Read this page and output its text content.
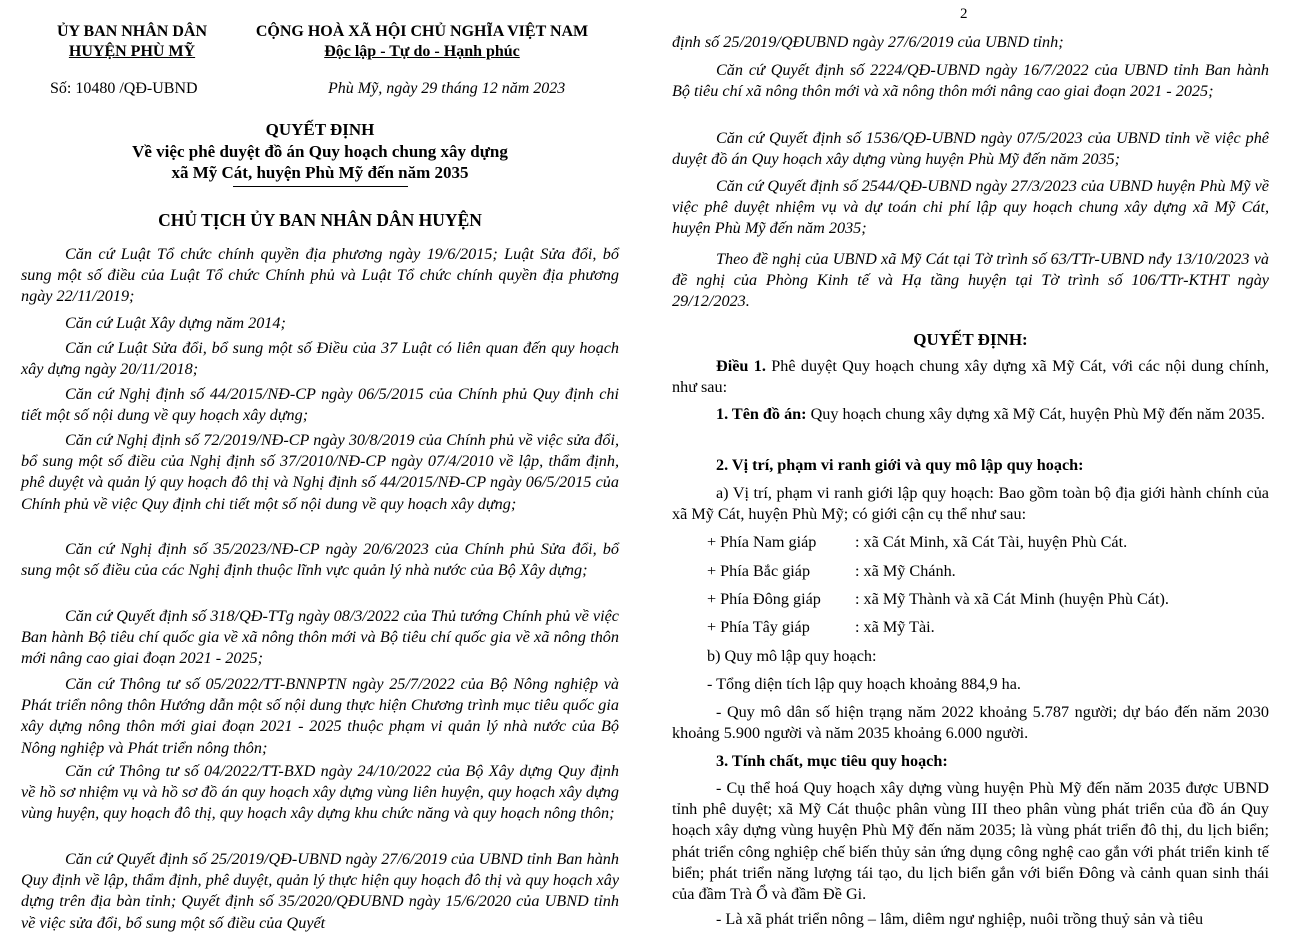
ỦY BAN NHÂN DÂN
HUYỆN PHÙ MỸ
CỘNG HOÀ XÃ HỘI CHỦ NGHĨA VIỆT NAM
Độc lập - Tự do - Hạnh phúc
Số: 10480 /QĐ-UBND	Phù Mỹ, ngày 29 tháng 12 năm 2023
QUYẾT ĐỊNH
Về việc phê duyệt đồ án Quy hoạch chung xây dựng
xã Mỹ Cát, huyện Phù Mỹ đến năm 2035
CHỦ TỊCH ỦY BAN NHÂN DÂN HUYỆN
Căn cứ Luật Tổ chức chính quyền địa phương ngày 19/6/2015; Luật Sửa đổi, bổ sung một số điều của Luật Tổ chức Chính phủ và Luật Tổ chức chính quyền địa phương ngày 22/11/2019;
Căn cứ Luật Xây dựng năm 2014;
Căn cứ Luật Sửa đổi, bổ sung một số Điều của 37 Luật có liên quan đến quy hoạch xây dựng ngày 20/11/2018;
Căn cứ Nghị định số 44/2015/NĐ-CP ngày 06/5/2015 của Chính phủ Quy định chi tiết một số nội dung về quy hoạch xây dựng;
Căn cứ Nghị định số 72/2019/NĐ-CP ngày 30/8/2019 của Chính phủ về việc sửa đổi, bổ sung một số điều của Nghị định số 37/2010/NĐ-CP ngày 07/4/2010 về lập, thẩm định, phê duyệt và quản lý quy hoạch đô thị và Nghị định số 44/2015/NĐ-CP ngày 06/5/2015 của Chính phủ về việc Quy định chi tiết một số nội dung về quy hoạch xây dựng;
Căn cứ Nghị định số 35/2023/NĐ-CP ngày 20/6/2023 của Chính phủ Sửa đổi, bổ sung một số điều của các Nghị định thuộc lĩnh vực quản lý nhà nước của Bộ Xây dựng;
Căn cứ Quyết định số 318/QĐ-TTg ngày 08/3/2022 của Thủ tướng Chính phủ về việc Ban hành Bộ tiêu chí quốc gia về xã nông thôn mới và Bộ tiêu chí quốc gia về xã nông thôn mới nâng cao giai đoạn 2021 - 2025;
Căn cứ Thông tư số 05/2022/TT-BNNPTN ngày 25/7/2022 của Bộ Nông nghiệp và Phát triển nông thôn Hướng dẫn một số nội dung thực hiện Chương trình mục tiêu quốc gia xây dựng nông thôn mới giai đoạn 2021 - 2025 thuộc phạm vi quản lý nhà nước của Bộ Nông nghiệp và Phát triển nông thôn;
Căn cứ Thông tư số 04/2022/TT-BXD ngày 24/10/2022 của Bộ Xây dựng Quy định về hồ sơ nhiệm vụ và hồ sơ đồ án quy hoạch xây dựng vùng liên huyện, quy hoạch xây dựng vùng huyện, quy hoạch đô thị, quy hoạch xây dựng khu chức năng và quy hoạch nông thôn;
Căn cứ Quyết định số 25/2019/QĐ-UBND ngày 27/6/2019 của UBND tỉnh Ban hành Quy định về lập, thẩm định, phê duyệt, quản lý thực hiện quy hoạch đô thị và quy hoạch xây dựng trên địa bàn tỉnh; Quyết định số 35/2020/QĐUBND ngày 15/6/2020 của UBND tỉnh về việc sửa đổi, bổ sung một số điều của Quyết
2
định số 25/2019/QĐUBND ngày 27/6/2019 của UBND tỉnh;
Căn cứ Quyết định số 2224/QĐ-UBND ngày 16/7/2022 của UBND tỉnh Ban hành Bộ tiêu chí xã nông thôn mới và xã nông thôn mới nâng cao giai đoạn 2021 - 2025;
Căn cứ Quyết định số 1536/QĐ-UBND ngày 07/5/2023 của UBND tỉnh về việc phê duyệt đồ án Quy hoạch xây dựng vùng huyện Phù Mỹ đến năm 2035;
Căn cứ Quyết định số 2544/QĐ-UBND ngày 27/3/2023 của UBND huyện Phù Mỹ về việc phê duyệt nhiệm vụ và dự toán chi phí lập quy hoạch chung xây dựng xã Mỹ Cát, huyện Phù Mỹ đến năm 2035;
Theo đề nghị của UBND xã Mỹ Cát tại Tờ trình số 63/TTr-UBND nđy 13/10/2023 và đề nghị của Phòng Kinh tế và Hạ tầng huyện tại Tờ trình số 106/TTr-KTHT ngày 29/12/2023.
QUYẾT ĐỊNH:
Điều 1. Phê duyệt Quy hoạch chung xây dựng xã Mỹ Cát, với các nội dung chính, như sau:
1. Tên đồ án: Quy hoạch chung xây dựng xã Mỹ Cát, huyện Phù Mỹ đến năm 2035.
2. Vị trí, phạm vi ranh giới và quy mô lập quy hoạch:
a) Vị trí, phạm vi ranh giới lập quy hoạch: Bao gồm toàn bộ địa giới hành chính của xã Mỹ Cát, huyện Phù Mỹ; có giới cận cụ thể như sau:
+ Phía Nam giáp : xã Cát Minh, xã Cát Tài, huyện Phù Cát.
+ Phía Bắc giáp	: xã Mỹ Chánh.
+ Phía Đông giáp : xã Mỹ Thành và xã Cát Minh (huyện Phù Cát).
+ Phía Tây giáp	: xã Mỹ Tài.
b) Quy mô lập quy hoạch:
- Tổng diện tích lập quy hoạch khoảng 884,9 ha.
- Quy mô dân số hiện trạng năm 2022 khoảng 5.787 người; dự báo đến năm 2030 khoảng 5.900 người và năm 2035 khoảng 6.000 người.
3. Tính chất, mục tiêu quy hoạch:
- Cụ thể hoá Quy hoạch xây dựng vùng huyện Phù Mỹ đến năm 2035 được UBND tỉnh phê duyệt; xã Mỹ Cát thuộc phân vùng III theo phân vùng phát triển của đồ án Quy hoạch xây dựng vùng huyện Phù Mỹ đến năm 2035; là vùng phát triển đô thị, du lịch biển; phát triển công nghiệp chế biến thủy sản ứng dụng công nghệ cao gắn với phát triển kinh tế biển; phát triển năng lượng tái tạo, du lịch biển gắn với biển Đông và cảnh quan sinh thái của đầm Trà Ổ và đầm Đề Gi.
- Là xã phát triển nông – lâm, diêm ngư nghiệp, nuôi trồng thuỷ sản và tiêu
